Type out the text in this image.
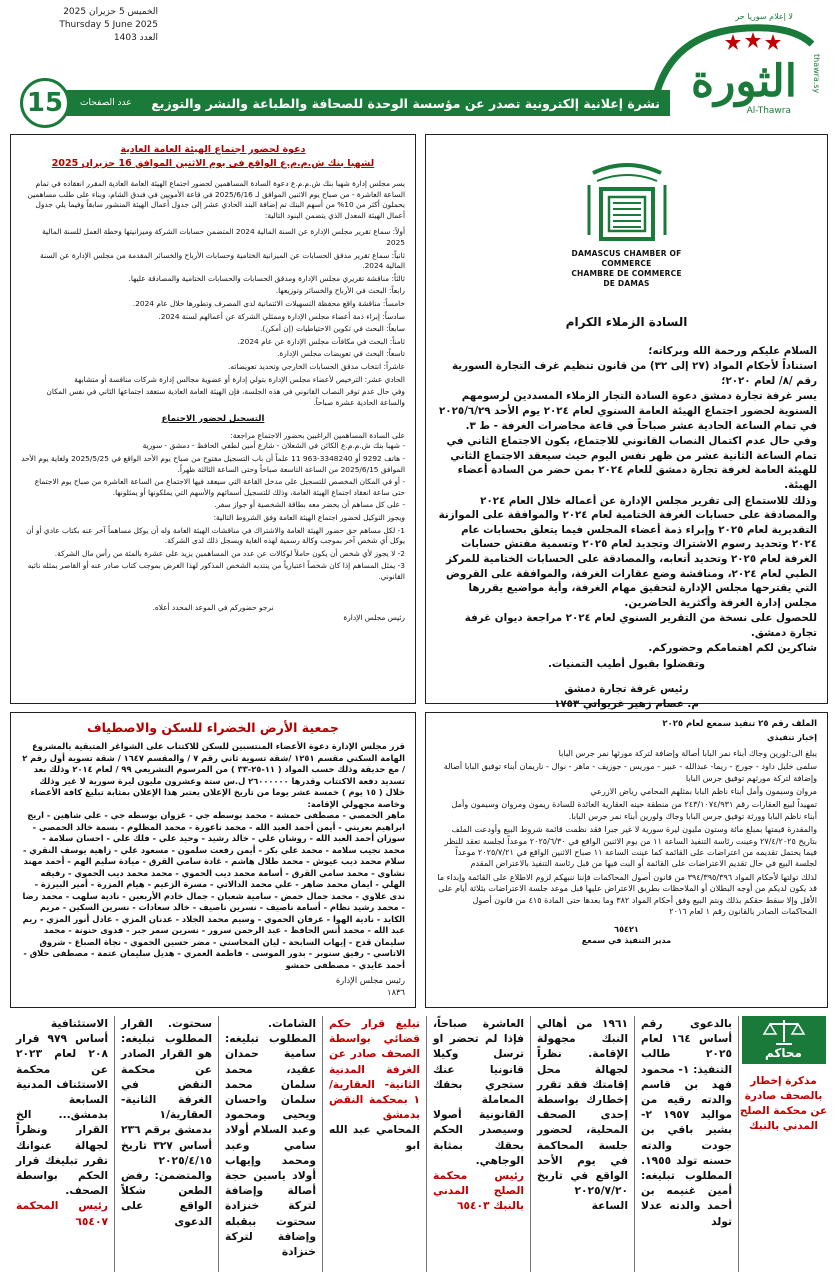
الخميس 5 حزيران 2025
Thursday 5 June 2025
العدد 1403
لا إعلام سوريا حر
الثورة thawra.sy
Al-Thawra
15	نشرة إعلانية إلكترونية تصدر عن مؤسسة الوحدة للصحافة والطباعة والنشر والتوزيع
عدد الصفحات
دعوة لحضور اجتماع الهيئة العامة العادية
لشهبا بنك ش.م.م.ع الواقع في يوم الاثنين الموافق 16 حزيران 2025

يسر مجلس إدارة شهبا بنك ش.م.م.ع دعوة السادة المساهمين لحضور اجتماع الهيئة العامة العادية المقرر انعقاده في تمام الساعة العاشرة - من صباح يوم الاثنين الموافق لـ 2025/6/16 في قاعة الأمويين في فندق الشام، وبناء على طلب مساهمين يحملون أكثر من 10% من أسهم البنك تم إضافة البند الحادي عشر إلى جدول أعمال الهيئة المنشور سابقاً وفيما يلي جدول أعمال الهيئة المعدل الذي يتضمن البنود التالية:

أولاً: سماع تقرير مجلس الإدارة عن السنة المالية 2024 المتضمن حسابات الشركة وميزانيتها وخطة العمل للسنة المالية 2025

ثانياً: سماع تقرير مدقق الحسابات عن الميزانية الختامية وحسابات الأرباح والخسائر المقدمة من مجلس الإدارة عن السنة المالية 2024.

ثالثاً: مناقشة تقريري مجلس الإدارة ومدقق الحسابات والحسابات الختامية والمصادقة عليها.

رابعاً: البحث في الأرباح والخسائر وتوزيعها.

خامساً: مناقشة واقع محفظة التسهيلات الائتمانية لدى المصرف وتطورها خلال عام 2024.

سادساً: إبراء ذمة أعضاء مجلس الإدارة وممثلي الشركة عن أعمالهم لسنة 2024.

سابعاً: البحث في تكوين الاحتياطيات (إن أمكن).

ثامناً: البحث في مكافآت مجلس الإدارة عن عام 2024.

تاسعاً: البحث في تعويضات مجلس الإدارة.

عاشراً: انتخاب مدقق الحسابات الخارجي وتحديد تعويضاته.

الحادي عشر: الترخيص لأعضاء مجلس الإدارة بتولي إدارة أو عضوية مجالس إدارة شركات منافسة أو متشابهة

وفي حال عدم توفر النصاب القانوني في هذه الجلسة، فإن الهيئة العامة العادية ستعقد اجتماعها الثاني في نفس المكان والساعة الحادية عشرة صباحاً.

التسجيل لحضور الاجتماع

على السادة المساهمين الراغبين بحضور الاجتماع مراجعة:

- شهبا بنك ش.م.م.ع الكائن في الشعلان - شارع أمين لطفي الحافظ - دمشق - سورية

- هاتف 9292 أو 3348240-963 11 علماً أن باب التسجيل مفتوح من صباح يوم الأحد الواقع في 2025/5/25 ولغاية يوم الأحد الموافق 2025/6/15 من الساعة التاسعة صباحاً وحتى الساعة الثالثة ظهراً.

- أو في المكان المخصص للتسجيل على مدخل القاعة التي سيعقد فيها الاجتماع من الساعة العاشرة من صباح يوم الاجتماع حتى ساعة انعقاد اجتماع الهيئة العامة، وذلك للتسجيل أسمائهم والأسهم التي يملكونها أو يمثلونها.

- على كل مساهم أن يحضر معه بطاقة الشخصية أو جواز سفر.

ويجوز التوكيل لحضور اجتماع الهيئة العامة وفق الشروط التالية:

1- لكل مساهم حق حضور الهيئة العامة والاشتراك في مناقشات الهيئة العامة وله أن يوكل مساهماً آخر عنه بكتاب عادي أو أن يوكل أي شخص آخر بموجب وكالة رسمية لهذه الغاية ويسجل ذلك لدى الشركة.

2- لا يجوز لأي شخص أن يكون حاملاً لوكالات عن عدد من المساهمين يزيد على عشرة بالمئة من رأس مال الشركة.

3- يمثل المساهم إذا كان شخصاً اعتبارياً من ينتدبه الشخص المذكور لهذا الغرض بموجب كتاب صادر عنه أو القاصر بمثله نائبه القانوني.

نرجو حضوركم في الموعد المحدد أعلاه.

رئيس مجلس الإدارة

DAMASCUS CHAMBER OF COMMERCE
CHAMBRE DE COMMERCE DE DAMAS
السادة الزملاء الكرام

السلام عليكم ورحمة الله وبركاته؛

استناداً لأحكام المواد (٢٧ إلى ٣٢) من قانون تنظيم غرف التجارة السورية رقم /٨/ لعام ٢٠٢٠؛

يسر غرفة تجارة دمشق دعوة السادة التجار الزملاء المسددين لرسومهم السنوية لحضور اجتماع الهيئة العامة السنوي لعام ٢٠٢٤ يوم الأحد ٢٠٢٥/٦/٢٩ في تمام الساعة الحادية عشر صباحاً في قاعة محاضرات الغرفة - ط ٣.

وفي حال عدم اكتمال النصاب القانوني للاجتماع، يكون الاجتماع الثاني في تمام الساعة الثانية عشر من ظهر نفس اليوم حيث سيعقد الاجتماع الثاني للهيئة العامة لغرفة تجارة دمشق للعام ٢٠٢٤ بمن حضر من السادة أعضاء الهيئة.

وذلك للاستماع إلى تقرير مجلس الإدارة عن أعماله خلال العام ٢٠٢٤ والمصادقة على حسابات الغرفة الختامية لعام ٢٠٢٤ والموافقة على الموازنة التقديرية لعام ٢٠٢٥ وإبراء ذمة أعضاء المجلس فيما يتعلق بحسابات عام ٢٠٢٤ وتحديد رسوم الاشتراك وتجديد لعام ٢٠٢٥ وتسمية مفتش حسابات الغرفة لعام ٢٠٢٥ وتحديد أتعابه، والمصادقة على الحسابات الختامية للمركز الطبي لعام ٢٠٢٤، ومناقشة وضع عقارات الغرفة، والموافقة على القروض التي يقترحها مجلس الإدارة لتحقيق مهام الغرفة، وأية مواضيع يقررها مجلس إدارة الغرفة وأكثرية الحاضرين.

للحصول على نسخة من التقرير السنوي لعام ٢٠٢٤ مراجعة ديوان غرفة تجارة دمشق.

شاكرين لكم اهتمامكم وحضوركم.

وتفضلوا بقبول أطيب التمنيات.

رئيس غرفة تجارة دمشق

م. عصام زهير غريواتي ١٧٥٣

جمعية الأرض الخضراء للسكن والاصطياف

قرر مجلس الإدارة دعوة الأعضاء المنتسبين للسكن للاكتتاب على الشواغر المتبقية بالمشروع الهامة السكني مقسم ١٢٥١ /شقة تسوية ثاني رقم ٧ / والمقسم ١٦٤٧ / شقة تسوية أول رقم ٢ / مع حديقة وذلك حسب المواد ( ١١-٢٥-٣٣ ) من المرسوم التشريعي ٩٩ / لعام ٢٠١٤ وذلك بعد تسديد دفعة الاكتتاب وقدرها ٢٦٠٠٠٠٠٠ ل.س ستة وعشرون مليون ليرة سورية لا غير وذلك خلال ( ١٥ يوم ) خمسة عشر يوما من تاريخ الإعلان يعتبر هذا الإعلان بمثابة تبليغ كافة الأعضاء وخاصة مجهولي الإقامة:

ماهر الحمصي - مصطفى حمشة - محمد بوسطه جي - غزوان بوسطه جي - علي شاهين - اريج ابراهيم بعريني - أيمن أحمد العبد الله - محمد ناعورة - محمد المظلوم - بسمة خالد الحمصي - سوزان أحمد العبد الله - روشان علي - خالد رشيد - وحيد علي - فلك علي - احسان سلامة - محمد نجيب سلامة - محمد علي بكر - أيمن رفعت سلمون - مسعود علي - زاهية يوسف النقري - سلام محمد ديب عيوش - محمد طلال هاشم - غادة سامي القرق - ميادة سليم الهم - أحمد مهند نشاوي - محمد سامي القرق - أسامة محمد ديب الحموي - محمد محمد ديب الحموي - رفيقه الهلي - ايمان محمد ضاهر - علي محمد الدالاتي - مسرة الزعيم - هيام المزرة - أمير البيرزة - ندى علاوي - محمد جمال حمض - سامية شعبان - جمال خادم الأربعين - نادية سلهب - محمد رضا - محمد رشيد نظام - أسامة ناصيف - نسرين ناصيف - خالد سعادات - نسرين السكين - مريم الكايد - نادية الهوا - عرفان الحموي - وسيم محمد الجلاد - عدنان المزي - عادل أنور المزي - ريم عبد الله - محمد أنس الحافظ - عبد الرحمن سرور - نسرين سمر جبر - فدوى حنونة - محمد سليمان قدح - إيهاب السابحة - ليان المحاسني - مضر حسين الحموي - نجاة الصباغ - شروق الاتاسي - رفيق سنوبر - بدور الموسى - فاطمة العمري - هديل سليمان عتمة - مصطفى حلاق - أحمد عايدي - مصطفى حمشو

رئيس مجلس الإدارة

١٨٣٦

الملف رقم ٢٥ تنفيذ سمعع لعام ٢٠٢٥

إخبار تنفيذي

يبلغ الى:لورين وجاك أبناء نمر البابا أصالة وإضافة لتركة مورثها نمر جرس البابا

سلمى خليل داود - جورج - ريما- عبدالله - عبير - موريس - جوزيف - ماهر - نوال - ناريمان أبناء توفيق البابا أصالة وإضافة لتركة مورثهم توفيق جرس البابا

مروان وسيمون وأمل أبناء ناظم البابا بمثلهم المحامي رياض الازرعي

تمهيداً لبيع العقارات رقم ٢٤٣/١٠٧٤/٩٣١ من منطقة حينه العقارية العائدة للسادة ريمون ومروان وسيمون وأمل أبناء ناظم البابا وورثة توفيق جرس البابا وجاك ولورين أبناء نمر جرس البابا.

والمقدرة قيمتها بمبلغ مائة وستون مليون ليرة سورية لا غير جبرا فقد نظمت قائمة شروط البيع وأودعت الملف بتاريخ ٢٧/٤/٢٠٢٥ وعينت رئاسة التنفيذ الساعة ١١ من يوم الاثنين الواقع في ٢٠٢٥/٦/٣٠ موعداً لجلسة تعقد للنظر فيما يحتمل تقديمه من اعتراضات على القائمة كما عينت الساعة ١١ صباح الاثنين الواقع في ٢٠٢٥/٧/٢١ موعداً لجلسة البيع في حال تقديم الاعتراضات على القائمة أو البت فيها من قبل رئاسة التنفيذ بالاعتراض المقدم

لذلك تولتها لأحكام المواد ٣٩٤/٣٩٥/٣٩٦ من قانون أصول المحاكمات فإننا ننبهكم لزوم الاطلاع على القائمة وإبداء ما قد يكون لديكم من أوجه البطلان أو الملاحظات بطريق الاعتراض عليها قبل موعد جلسة الاعتراضات بثلاثة أيام على الأقل وإلا سقط حقكم بذلك وبتم البيع وفق أحكام المواد ٣٨٢ وما بعدها حتى المادة ٤١٥ من قانون أصول المحاكمات الصادر بالقانون رقم ١ لعام ٢٠١٦

٦٥٤٢١

مدير التنفيذ في سمعع

محاكم
مذكرة إخطار بالصحف صادرة عن محكمة الصلح المدني بالنبك
بالدعوى رقم أساس ١٦٤ لعام ٢٠٢٥ طالب التنفيذ: ١- محمود فهد بن قاسم والدته رقيه من مواليد ١٩٥٧ ٢- بشير باقي بن جودت والدته حسنه تولد ١٩٥٥. المطلوب تبليغه: أمين غنيمه بن أحمد والدته عدلا تولد
١٩٦١ من أهالي النبك مجهولة الإقامة. نظراً لجهالة محل إقامتك فقد تقرر إخطارك بواسطة إحدى الصحف المحلية، لحضور جلسة المحاكمة في يوم الأحد الواقع في تاريخ ٢٠٢٥/٧/٢٠ الساعة
العاشرة صباحاً، فإذا لم تحضر او ترسل وكيلا قانونيا عنك ستجري بحقك المعاملة القانونية أصولا وسيصدر الحكم بحقك بمثابة الوجاهي.
رئيس محكمة الصلح المدني بالنبك ٦٥٤٠٣
تبليغ قرار حكم قضائي بواسطة الصحف صادر عن الغرفة المدنية الثانية- العقارية/١ بمحكمة النقض بدمشق
المحامي عبد الله ابو
الشامات. المطلوب تبليغه: سامية حمدان عقيد، محمد سلمان محمد سلمان واحسان ويحيى ومحمود وعبد السلام أولاد سامي وعبد ومحمد وإيهاب أولاد ياسين حجة أصالة وإضافة لتركة خنزادة سحتوت ببقبله وإضافة لتركة خنزادة
سحتوت. القرار المطلوب تبليغه: هو القرار الصادر عن محكمة النقض في الغرفة الثانية- العقارية/١ بدمشق برقم ٢٣٦ أساس ٣٢٧ تاريخ ٢٠٢٥/٤/١٥ والمتضمن: رفض الطعن شكلاً الواقع على الدعوى
الاستئنافية أساس ٩٧٩ قرار ٢٠٨ لعام ٢٠٢٣ عن محكمة الاستئناف المدنية السابعة بدمشق... الخ القرار ونظراً لجهالة عنوانك تقرر تبليغك قرار الحكم بواسطة الصحف.
رئيس المحكمة ٦٥٤٠٧
